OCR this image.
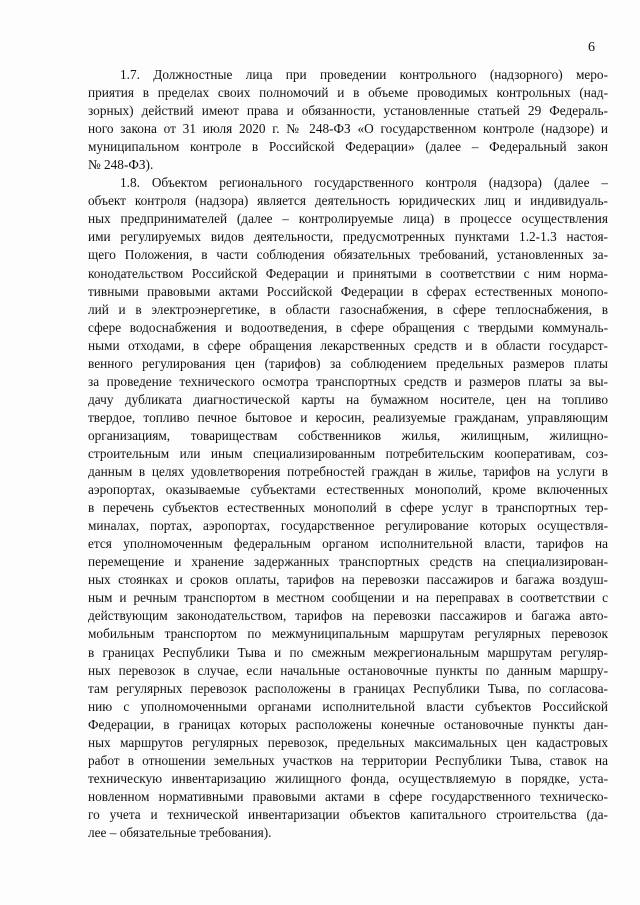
6
1.7. Должностные лица при проведении контрольного (надзорного) меро-
приятия в пределах своих полномочий и в объеме проводимых контрольных (над-
зорных) действий имеют права и обязанности, установленные статьей 29 Федераль-
ного закона от 31 июля 2020 г. № 248-ФЗ «О государственном контроле (надзоре) и
муниципальном контроле в Российской Федерации» (далее – Федеральный закон
№ 248-ФЗ).
1.8. Объектом регионального государственного контроля (надзора) (далее –
объект контроля (надзора) является деятельность юридических лиц и индивидуаль-
ных предпринимателей (далее – контролируемые лица) в процессе осуществления
ими регулируемых видов деятельности, предусмотренных пунктами 1.2-1.3 настоя-
щего Положения, в части соблюдения обязательных требований, установленных за-
конодательством Российской Федерации и принятыми в соответствии с ним норма-
тивными правовыми актами Российской Федерации в сферах естественных монопо-
лий и в электроэнергетике, в области газоснабжения, в сфере теплоснабжения, в
сфере водоснабжения и водоотведения, в сфере обращения с твердыми коммуналь-
ными отходами, в сфере обращения лекарственных средств и в области государст-
венного регулирования цен (тарифов) за соблюдением предельных размеров платы
за проведение технического осмотра транспортных средств и размеров платы за вы-
дачу дубликата диагностической карты на бумажном носителе, цен на топливо
твердое, топливо печное бытовое и керосин, реализуемые гражданам, управляющим
организациям, товариществам собственников жилья, жилищным, жилищно-
строительным или иным специализированным потребительским кооперативам, соз-
данным в целях удовлетворения потребностей граждан в жилье, тарифов на услуги в
аэропортах, оказываемые субъектами естественных монополий, кроме включенных
в перечень субъектов естественных монополий в сфере услуг в транспортных тер-
миналах, портах, аэропортах, государственное регулирование которых осуществля-
ется уполномоченным федеральным органом исполнительной власти, тарифов на
перемещение и хранение задержанных транспортных средств на специализирован-
ных стоянках и сроков оплаты, тарифов на перевозки пассажиров и багажа воздуш-
ным и речным транспортом в местном сообщении и на переправах в соответствии с
действующим законодательством, тарифов на перевозки пассажиров и багажа авто-
мобильным транспортом по межмуниципальным маршрутам регулярных перевозок
в границах Республики Тыва и по смежным межрегиональным маршрутам регуляр-
ных перевозок в случае, если начальные остановочные пункты по данным маршру-
там регулярных перевозок расположены в границах Республики Тыва, по согласова-
нию с уполномоченными органами исполнительной власти субъектов Российской
Федерации, в границах которых расположены конечные остановочные пункты дан-
ных маршрутов регулярных перевозок, предельных максимальных цен кадастровых
работ в отношении земельных участков на территории Республики Тыва, ставок на
техническую инвентаризацию жилищного фонда, осуществляемую в порядке, уста-
новленном нормативными правовыми актами в сфере государственного техническо-
го учета и технической инвентаризации объектов капитального строительства (да-
лее – обязательные требования).
